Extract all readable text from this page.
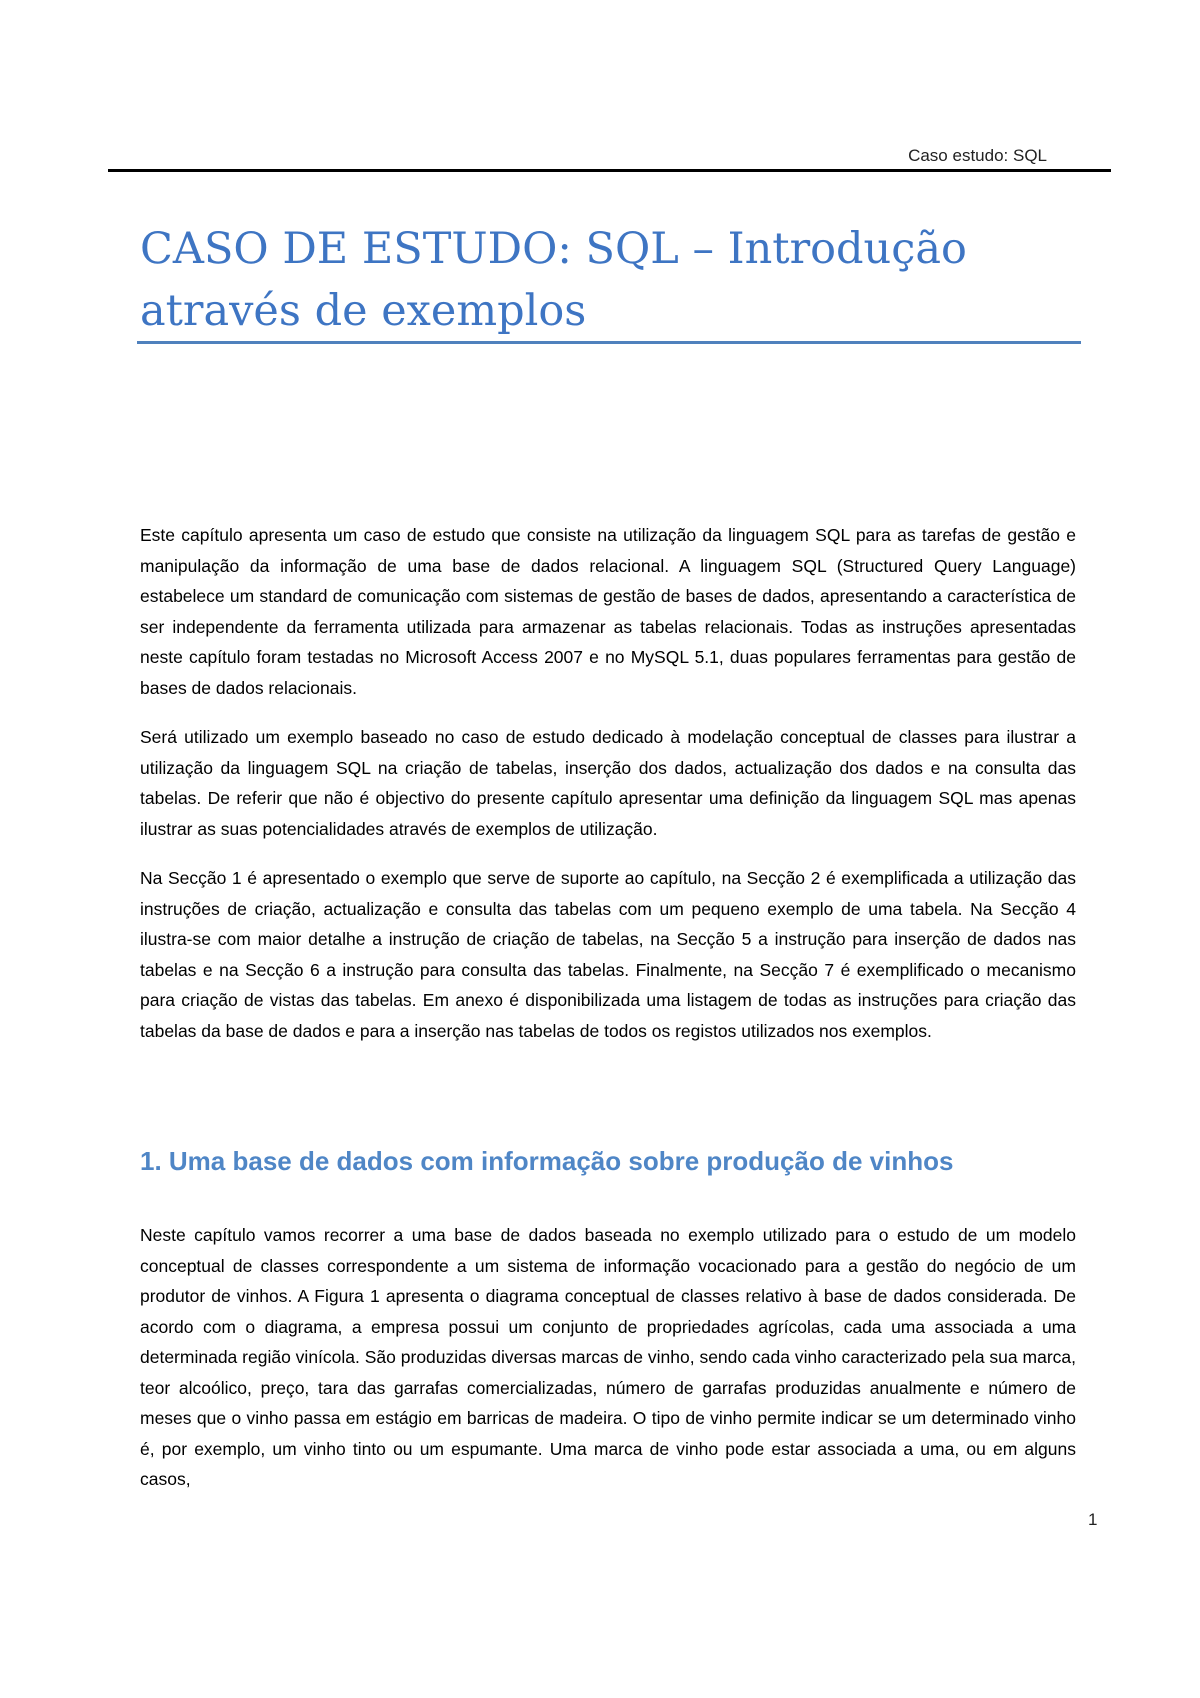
Caso estudo: SQL
CASO DE ESTUDO: SQL – Introdução através de exemplos

Este capítulo apresenta um caso de estudo que consiste na utilização da linguagem SQL para as tarefas de gestão e manipulação da informação de uma base de dados relacional. A linguagem SQL (Structured Query Language) estabelece um standard de comunicação com sistemas de gestão de bases de dados, apresentando a característica de ser independente da ferramenta utilizada para armazenar as tabelas relacionais. Todas as instruções apresentadas neste capítulo foram testadas no Microsoft Access 2007 e no MySQL 5.1, duas populares ferramentas para gestão de bases de dados relacionais.

Será utilizado um exemplo baseado no caso de estudo dedicado à modelação conceptual de classes para ilustrar a utilização da linguagem SQL na criação de tabelas, inserção dos dados, actualização dos dados e na consulta das tabelas. De referir que não é objectivo do presente capítulo apresentar uma definição da linguagem SQL mas apenas ilustrar as suas potencialidades através de exemplos de utilização.

Na Secção 1 é apresentado o exemplo que serve de suporte ao capítulo, na Secção 2 é exemplificada a utilização das instruções de criação, actualização e consulta das tabelas com um pequeno exemplo de uma tabela. Na Secção 4 ilustra-se com maior detalhe a instrução de criação de tabelas, na Secção 5 a instrução para inserção de dados nas tabelas e na Secção 6 a instrução para consulta das tabelas. Finalmente, na Secção 7 é exemplificado o mecanismo para criação de vistas das tabelas. Em anexo é disponibilizada uma listagem de todas as instruções para criação das tabelas da base de dados e para a inserção nas tabelas de todos os registos utilizados nos exemplos.

1. Uma base de dados com informação sobre produção de vinhos

Neste capítulo vamos recorrer a uma base de dados baseada no exemplo utilizado para o estudo de um modelo conceptual de classes correspondente a um sistema de informação vocacionado para a gestão do negócio de um produtor de vinhos. A Figura 1 apresenta o diagrama conceptual de classes relativo à base de dados considerada. De acordo com o diagrama, a empresa possui um conjunto de propriedades agrícolas, cada uma associada a uma determinada região vinícola. São produzidas diversas marcas de vinho, sendo cada vinho caracterizado pela sua marca, teor alcoólico, preço, tara das garrafas comercializadas, número de garrafas produzidas anualmente e número de meses que o vinho passa em estágio em barricas de madeira. O tipo de vinho permite indicar se um determinado vinho é, por exemplo, um vinho tinto ou um espumante. Uma marca de vinho pode estar associada a uma, ou em alguns casos,

1
